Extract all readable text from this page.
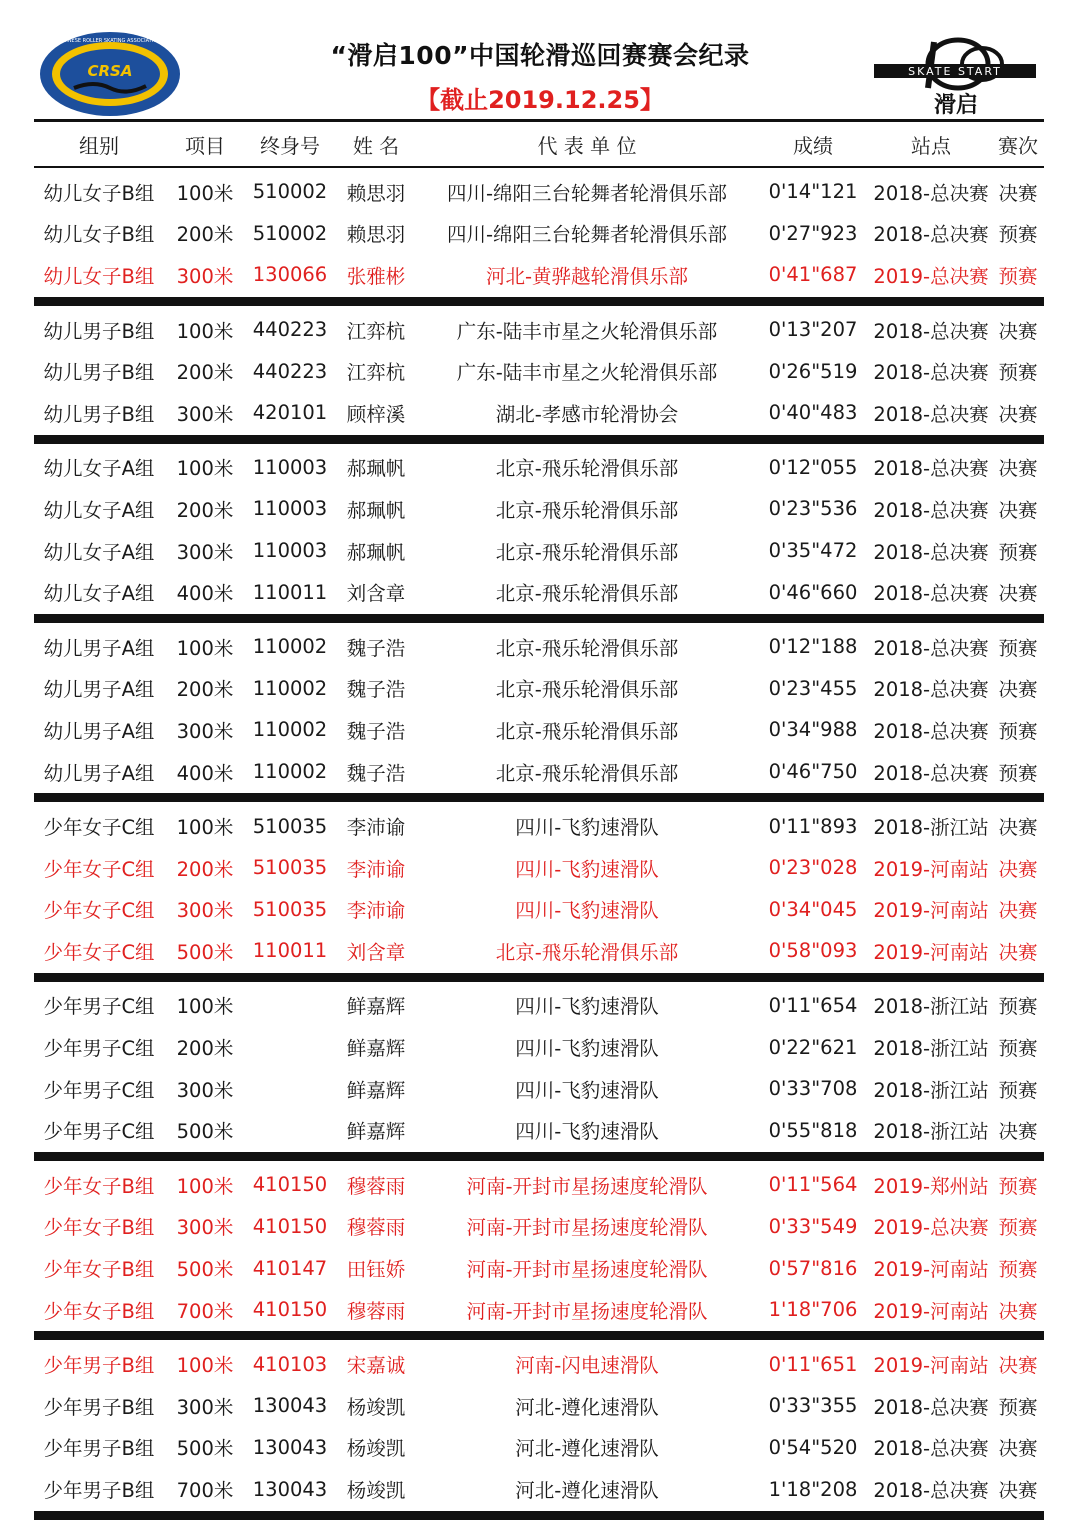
CRSA
CHINESE ROLLER SKATING ASSOCIATION	“滑启100”中国轮滑巡回赛赛会纪录
【截止2019.12.25】
SKATE START
滑启
组别	项目	终身号	姓 名	代 表 单 位	成绩	站点	赛次
幼儿女子B组	100米 510002	赖思羽	四川-绵阳三台轮舞者轮滑俱乐部	0'14"121 2018-总决赛 决赛
幼儿女子B组	200米 510002	赖思羽	四川-绵阳三台轮舞者轮滑俱乐部	0'27"923 2018-总决赛 预赛
幼儿女子B组	300米 130066	张雅彬	河北-黄骅越轮滑俱乐部	0'41"687 2019-总决赛 预赛
幼儿男子B组	100米 440223	江弈杭	广东-陆丰市星之火轮滑俱乐部	0'13"207 2018-总决赛 决赛
幼儿男子B组	200米 440223	江弈杭	广东-陆丰市星之火轮滑俱乐部	0'26"519 2018-总决赛 预赛
幼儿男子B组	300米 420101	顾梓溪	湖北-孝感市轮滑协会	0'40"483 2018-总决赛 决赛
幼儿女子A组	100米 110003	郝珮帆	北京-飛乐轮滑俱乐部	0'12"055 2018-总决赛 决赛
幼儿女子A组	200米 110003	郝珮帆	北京-飛乐轮滑俱乐部	0'23"536 2018-总决赛 决赛
幼儿女子A组	300米 110003	郝珮帆	北京-飛乐轮滑俱乐部	0'35"472 2018-总决赛 预赛
幼儿女子A组	400米 110011	刘含章	北京-飛乐轮滑俱乐部	0'46"660 2018-总决赛 决赛
幼儿男子A组	100米 110002	魏子浩	北京-飛乐轮滑俱乐部	0'12"188 2018-总决赛 预赛
幼儿男子A组	200米 110002	魏子浩	北京-飛乐轮滑俱乐部	0'23"455 2018-总决赛 决赛
幼儿男子A组	300米 110002	魏子浩	北京-飛乐轮滑俱乐部	0'34"988 2018-总决赛 预赛
幼儿男子A组	400米 110002	魏子浩	北京-飛乐轮滑俱乐部	0'46"750 2018-总决赛 预赛
少年女子C组	100米 510035	李沛谕	四川-飞豹速滑队	0'11"893 2018-浙江站 决赛
少年女子C组	200米 510035	李沛谕	四川-飞豹速滑队	0'23"028 2019-河南站 决赛
少年女子C组	300米 510035	李沛谕	四川-飞豹速滑队	0'34"045 2019-河南站 决赛
少年女子C组	500米 110011	刘含章	北京-飛乐轮滑俱乐部	0'58"093 2019-河南站 决赛
少年男子C组	100米	鲜嘉辉	四川-飞豹速滑队	0'11"654 2018-浙江站 预赛
少年男子C组	200米	鲜嘉辉	四川-飞豹速滑队	0'22"621 2018-浙江站 预赛
少年男子C组	300米	鲜嘉辉	四川-飞豹速滑队	0'33"708 2018-浙江站 预赛
少年男子C组	500米	鲜嘉辉	四川-飞豹速滑队	0'55"818 2018-浙江站 决赛
少年女子B组	100米 410150	穆蓉雨	河南-开封市星扬速度轮滑队	0'11"564 2019-郑州站 预赛
少年女子B组	300米 410150	穆蓉雨	河南-开封市星扬速度轮滑队	0'33"549 2019-总决赛 预赛
少年女子B组	500米 410147	田钰娇	河南-开封市星扬速度轮滑队	0'57"816 2019-河南站 预赛
少年女子B组	700米 410150	穆蓉雨	河南-开封市星扬速度轮滑队	1'18"706 2019-河南站 决赛
少年男子B组	100米 410103	宋嘉诚	河南-闪电速滑队	0'11"651 2019-河南站 决赛
少年男子B组	300米 130043	杨竣凯	河北-遵化速滑队	0'33"355 2018-总决赛 预赛
少年男子B组	500米 130043	杨竣凯	河北-遵化速滑队	0'54"520 2018-总决赛 决赛
少年男子B组	700米 130043	杨竣凯	河北-遵化速滑队	1'18"208 2018-总决赛 决赛
